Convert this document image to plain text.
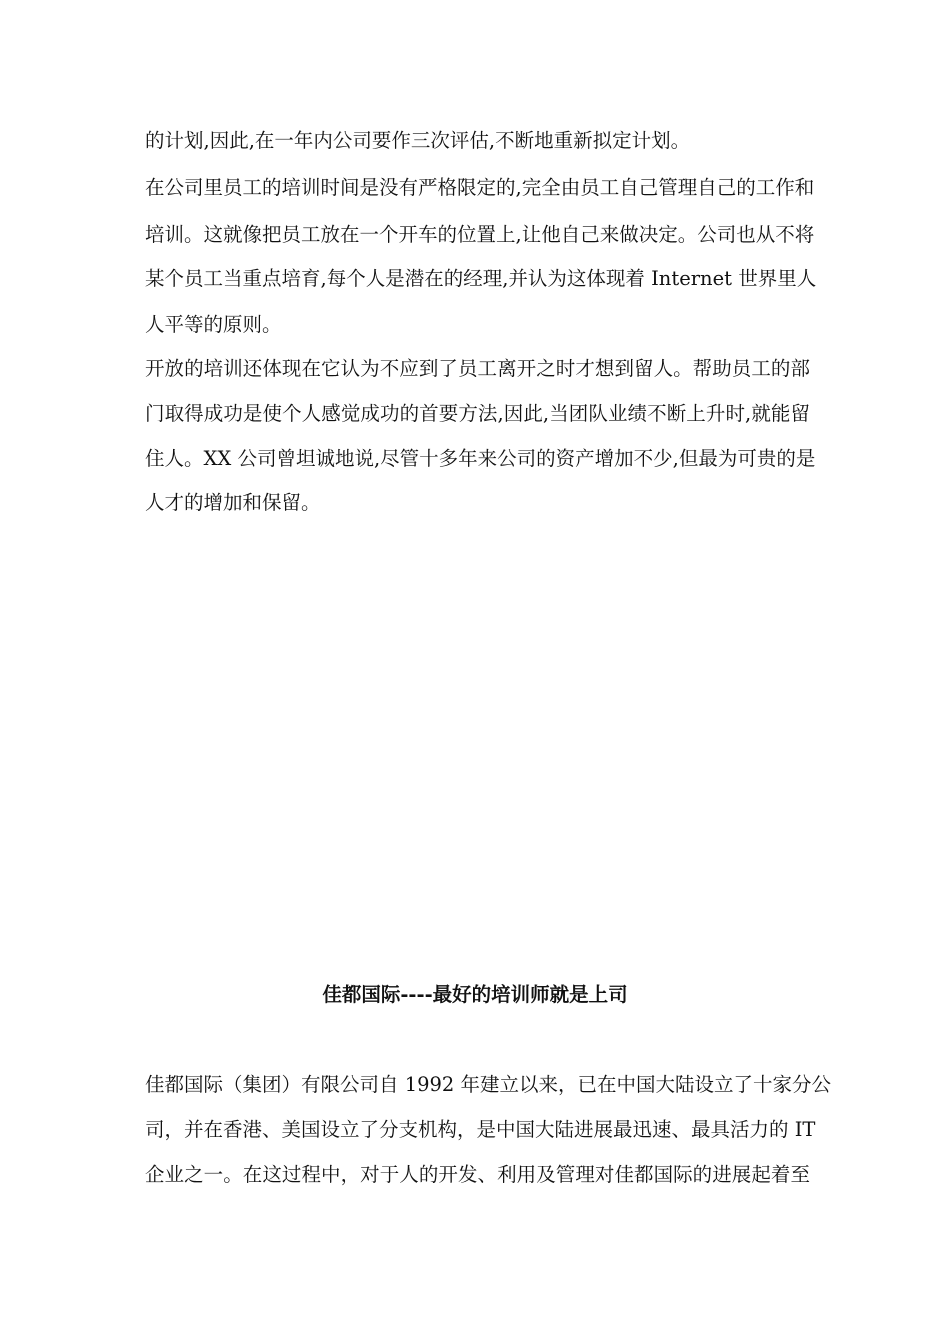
的计划,因此,在一年内公司要作三次评估,不断地重新拟定计划。
在公司里员工的培训时间是没有严格限定的,完全由员工自己管理自己的工作和
培训。这就像把员工放在一个开车的位置上,让他自己来做决定。公司也从不将
某个员工当重点培育,每个人是潜在的经理,并认为这体现着 Internet 世界里人
人平等的原则。
开放的培训还体现在它认为不应到了员工离开之时才想到留人。帮助员工的部
门取得成功是使个人感觉成功的首要方法,因此,当团队业绩不断上升时,就能留
住人。XX 公司曾坦诚地说,尽管十多年来公司的资产增加不少,但最为可贵的是
人才的增加和保留。
佳都国际----最好的培训师就是上司
佳都国际（集团）有限公司自 1992 年建立以来，已在中国大陆设立了十家分公
司，并在香港、美国设立了分支机构，是中国大陆进展最迅速、最具活力的 IT
企业之一。在这过程中，对于人的开发、利用及管理对佳都国际的进展起着至
